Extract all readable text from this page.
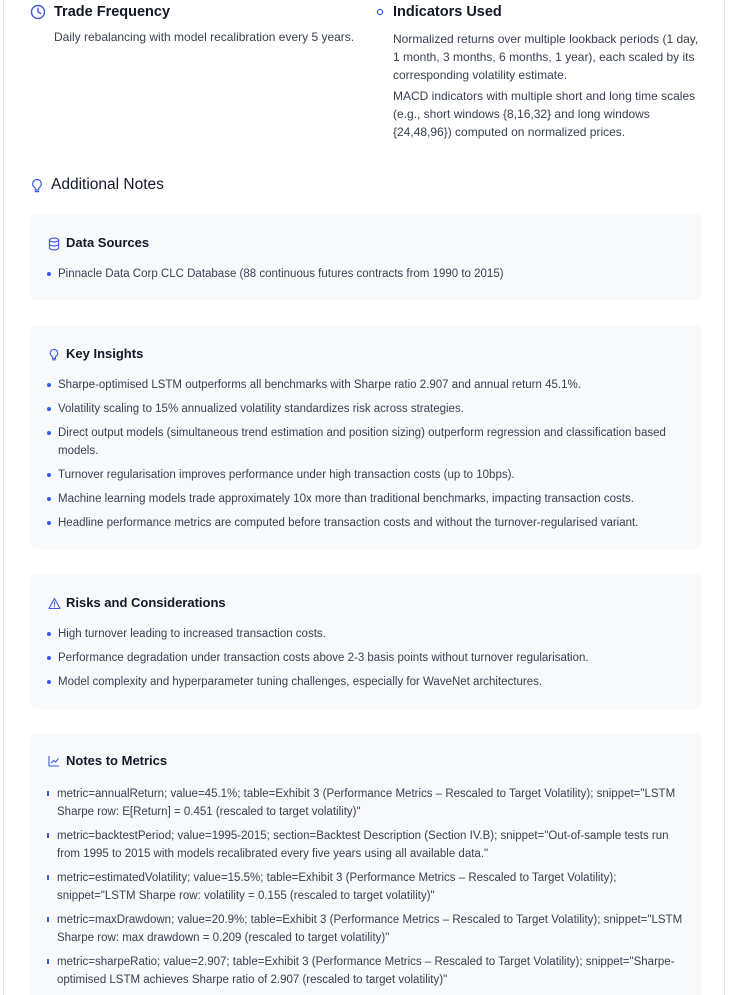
Trade Frequency
Daily rebalancing with model recalibration every 5 years.
Indicators Used

Normalized returns over multiple lookback periods (1 day, 1 month, 3 months, 6 months, 1 year), each scaled by its corresponding volatility estimate.

MACD indicators with multiple short and long time scales (e.g., short windows {8,16,32} and long windows {24,48,96}) computed on normalized prices.

Additional Notes
Data Sources
Pinnacle Data Corp CLC Database (88 continuous futures contracts from 1990 to 2015)
Key Insights
Sharpe-optimised LSTM outperforms all benchmarks with Sharpe ratio 2.907 and annual return 45.1%.
Volatility scaling to 15% annualized volatility standardizes risk across strategies.
Direct output models (simultaneous trend estimation and position sizing) outperform regression and classification based models.
Turnover regularisation improves performance under high transaction costs (up to 10bps).
Machine learning models trade approximately 10x more than traditional benchmarks, impacting transaction costs.
Headline performance metrics are computed before transaction costs and without the turnover-regularised variant.
Risks and Considerations
High turnover leading to increased transaction costs.
Performance degradation under transaction costs above 2-3 basis points without turnover regularisation.
Model complexity and hyperparameter tuning challenges, especially for WaveNet architectures.
Notes to Metrics
metric=annualReturn; value=45.1%; table=Exhibit 3 (Performance Metrics – Rescaled to Target Volatility); snippet="LSTM Sharpe row: E[Return] = 0.451 (rescaled to target volatility)"
metric=backtestPeriod; value=1995-2015; section=Backtest Description (Section IV.B); snippet="Out-of-sample tests run from 1995 to 2015 with models recalibrated every five years using all available data."
metric=estimatedVolatility; value=15.5%; table=Exhibit 3 (Performance Metrics – Rescaled to Target Volatility); snippet="LSTM Sharpe row: volatility = 0.155 (rescaled to target volatility)"
metric=maxDrawdown; value=20.9%; table=Exhibit 3 (Performance Metrics – Rescaled to Target Volatility); snippet="LSTM Sharpe row: max drawdown = 0.209 (rescaled to target volatility)"
metric=sharpeRatio; value=2.907; table=Exhibit 3 (Performance Metrics – Rescaled to Target Volatility); snippet="Sharpe-optimised LSTM achieves Sharpe ratio of 2.907 (rescaled to target volatility)"
